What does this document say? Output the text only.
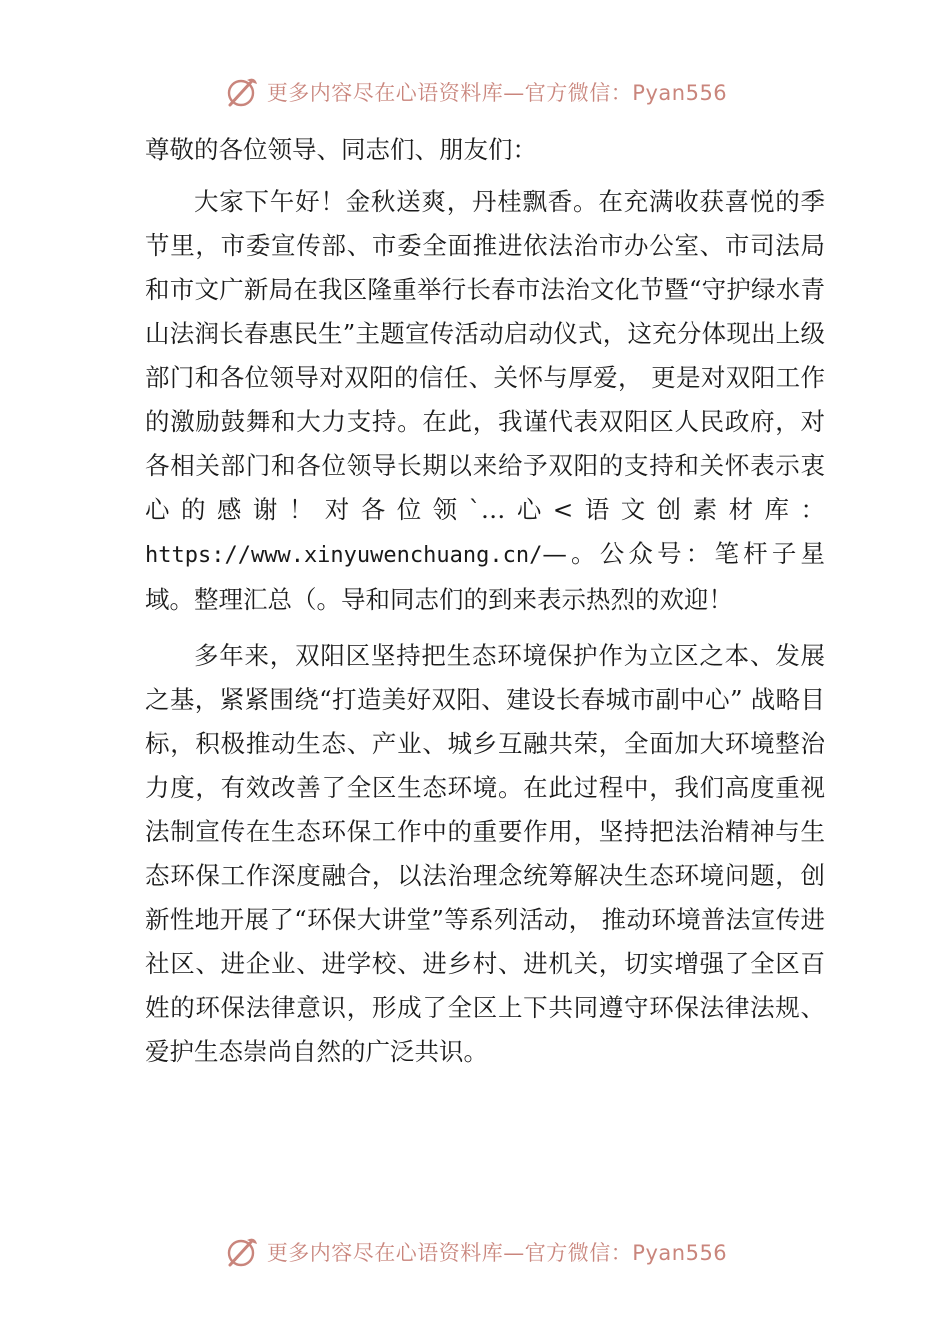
更多内容尽在心语资料库—官方微信：Pyan556

尊敬的各位领导、同志们、朋友们：

大家下午好！金秋送爽，丹桂飘香。在充满收获喜悦的季节里，市委宣传部、市委全面推进依法治市办公室、市司法局和市文广新局在我区隆重举行长春市法治文化节暨“守护绿水青山法润长春惠民生”主题宣传活动启动仪式，这充分体现出上级部门和各位领导对双阳的信任、关怀与厚爱， 更是对双阳工作的激励鼓舞和大力支持。在此，我谨代表双阳区人民政府，对各相关部门和各位领导长期以来给予双阳的支持和关怀表示衷心的感谢！对各位领`…心<语文创素材库：https://www.xinyuwenchuang.cn/—。公众号：笔杆子星域。整理汇总（。导和同志们的到来表示热烈的欢迎！

多年来，双阳区坚持把生态环境保护作为立区之本、发展之基，紧紧围绕“打造美好双阳、建设长春城市副中心” 战略目标，积极推动生态、产业、城乡互融共荣，全面加大环境整治力度，有效改善了全区生态环境。在此过程中，我们高度重视法制宣传在生态环保工作中的重要作用，坚持把法治精神与生态环保工作深度融合，以法治理念统筹解决生态环境问题，创新性地开展了“环保大讲堂”等系列活动， 推动环境普法宣传进社区、进企业、进学校、进乡村、进机关，切实增强了全区百姓的环保法律意识，形成了全区上下共同遵守环保法律法规、爱护生态崇尚自然的广泛共识。

更多内容尽在心语资料库—官方微信：Pyan556
